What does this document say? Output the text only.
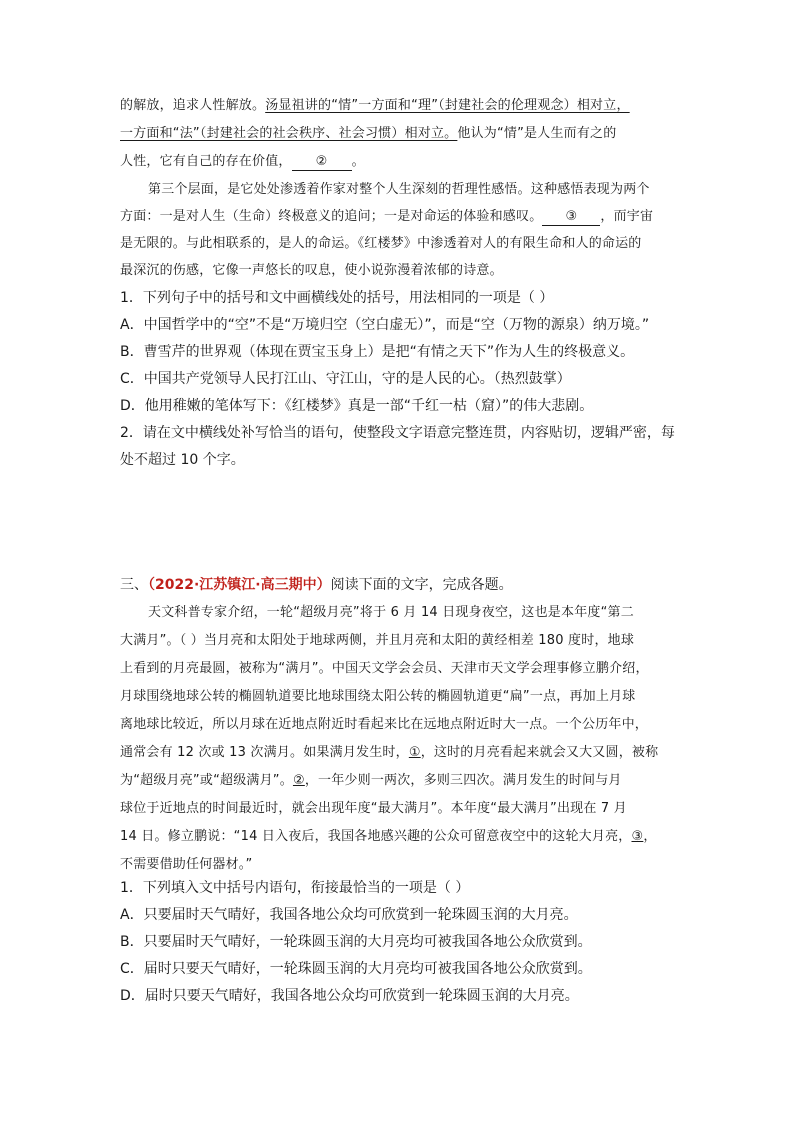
的解放，追求人性解放。汤显祖讲的“情”一方面和“理”（封建社会的伦理观念）相对立，
一方面和“法”（封建社会的社会秩序、社会习惯）相对立。他认为“情”是人生而有之的
人性，它有自己的存在价值， ② 。
第三个层面，是它处处渗透着作家对整个人生深刻的哲理性感悟。这种感悟表现为两个
方面：一是对人生（生命）终极意义的追问；一是对命运的体验和感叹。 ③ ，而宇宙
是无限的。与此相联系的，是人的命运。《红楼梦》中渗透着对人的有限生命和人的命运的
最深沉的伤感，它像一声悠长的叹息，使小说弥漫着浓郁的诗意。
1．下列句子中的括号和文中画横线处的括号，用法相同的一项是（ ）
A．中国哲学中的“空”不是“万境归空（空白虚无）”，而是“空（万物的源泉）纳万境。”
B．曹雪芹的世界观（体现在贾宝玉身上）是把“有情之天下”作为人生的终极意义。
C．中国共产党领导人民打江山、守江山，守的是人民的心。（热烈鼓掌）
D．他用稚嫩的笔体写下：《红楼梦》真是一部“千红一枯（窟）”的伟大悲剧。
2．请在文中横线处补写恰当的语句，使整段文字语意完整连贯，内容贴切，逻辑严密，每
处不超过 10 个字。
三、（2022·江苏镇江·高三期中）阅读下面的文字，完成各题。
天文科普专家介绍，一轮“超级月亮”将于 6 月 14 日现身夜空，这也是本年度“第二
大满月”。（ ）当月亮和太阳处于地球两侧，并且月亮和太阳的黄经相差 180 度时，地球
上看到的月亮最圆，被称为“满月”。中国天文学会会员、天津市天文学会理事修立鹏介绍，
月球围绕地球公转的椭圆轨道要比地球围绕太阳公转的椭圆轨道更“扁”一点，再加上月球
离地球比较近，所以月球在近地点附近时看起来比在远地点附近时大一点。一个公历年中，
通常会有 12 次或 13 次满月。如果满月发生时，①，这时的月亮看起来就会又大又圆，被称
为“超级月亮”或“超级满月”。②，一年少则一两次，多则三四次。满月发生的时间与月
球位于近地点的时间最近时，就会出现年度“最大满月”。本年度“最大满月”出现在 7 月
14 日。修立鹏说：“14 日入夜后，我国各地感兴趣的公众可留意夜空中的这轮大月亮，③，
不需要借助任何器材。”
1．下列填入文中括号内语句，衔接最恰当的一项是（ ）
A．只要届时天气晴好，我国各地公众均可欣赏到一轮珠圆玉润的大月亮。
B．只要届时天气晴好，一轮珠圆玉润的大月亮均可被我国各地公众欣赏到。
C．届时只要天气晴好，一轮珠圆玉润的大月亮均可被我国各地公众欣赏到。
D．届时只要天气晴好，我国各地公众均可欣赏到一轮珠圆玉润的大月亮。
